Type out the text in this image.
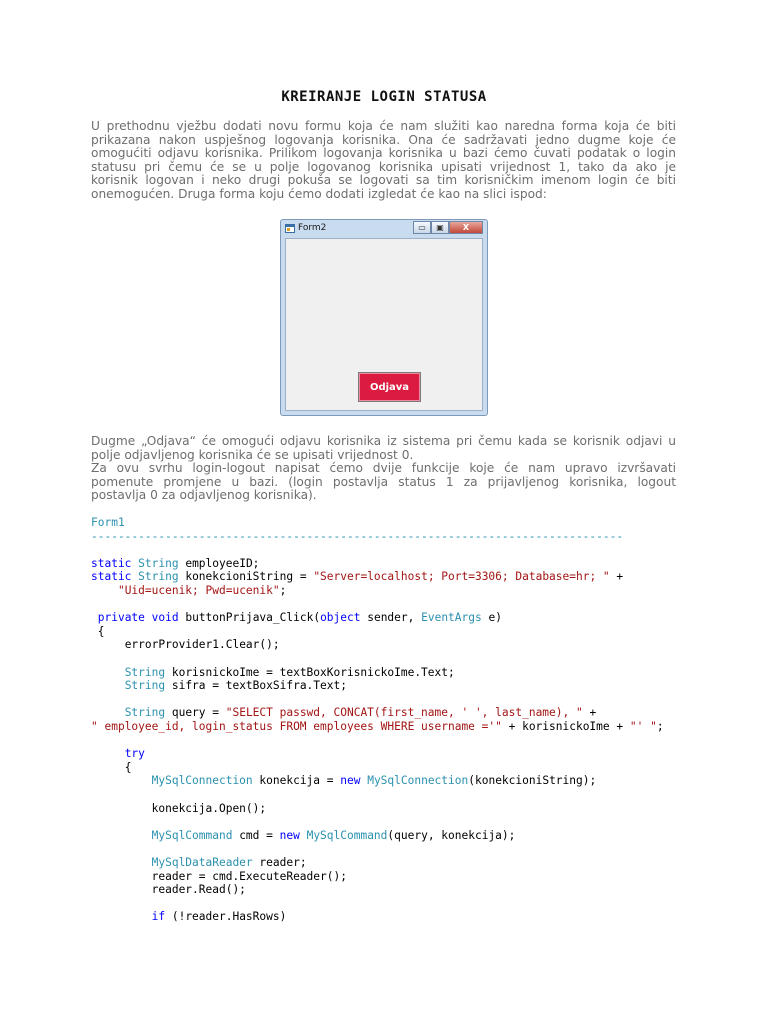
KREIRANJE LOGIN STATUSA
U prethodnu vježbu dodati novu formu koja će nam služiti kao naredna forma koja će biti
prikazana nakon uspješnog logovanja korisnika. Ona će sadržavati jedno dugme koje će
omogućiti odjavu korisnika. Prilikom logovanja korisnika u bazi ćemo čuvati podatak o login
statusu pri čemu će se u polje logovanog korisnika upisati vrijednost 1, tako da ako je
korisnik logovan i neko drugi pokuša se logovati sa tim korisničkim imenom login će biti
onemogućen. Druga forma koju ćemo dodati izgledat će kao na slici ispod:
Form2	▭	▣	X
Odjava
Dugme „Odjava“ će omogući odjavu korisnika iz sistema pri čemu kada se korisnik odjavi u
polje odjavljenog korisnika će se upisati vrijednost 0.
Za ovu svrhu login-logout napisat ćemo dvije funkcije koje će nam upravo izvršavati
pomenute promjene u bazi. (login postavlja status 1 za prijavljenog korisnika, logout
postavlja 0 za odjavljenog korisnika).
Form1
-------------------------------------------------------------------------------

static String employeeID;
static String konekcioniString = "Server=localhost; Port=3306; Database=hr; " +
"Uid=ucenik; Pwd=ucenik";

private void buttonPrijava_Click(object sender, EventArgs e)
{
errorProvider1.Clear();

String korisnickoIme = textBoxKorisnickoIme.Text;
String sifra = textBoxSifra.Text;

String query = "SELECT passwd, CONCAT(first_name, ' ', last_name), " +

" employee_id, login_status FROM employees WHERE username ='" + korisnickoIme + "' ";

try
{
MySqlConnection konekcija = new MySqlConnection(konekcioniString);

konekcija.Open();

MySqlCommand cmd = new MySqlCommand(query, konekcija);

MySqlDataReader reader;
reader = cmd.ExecuteReader();
reader.Read();

if (!reader.HasRows)
